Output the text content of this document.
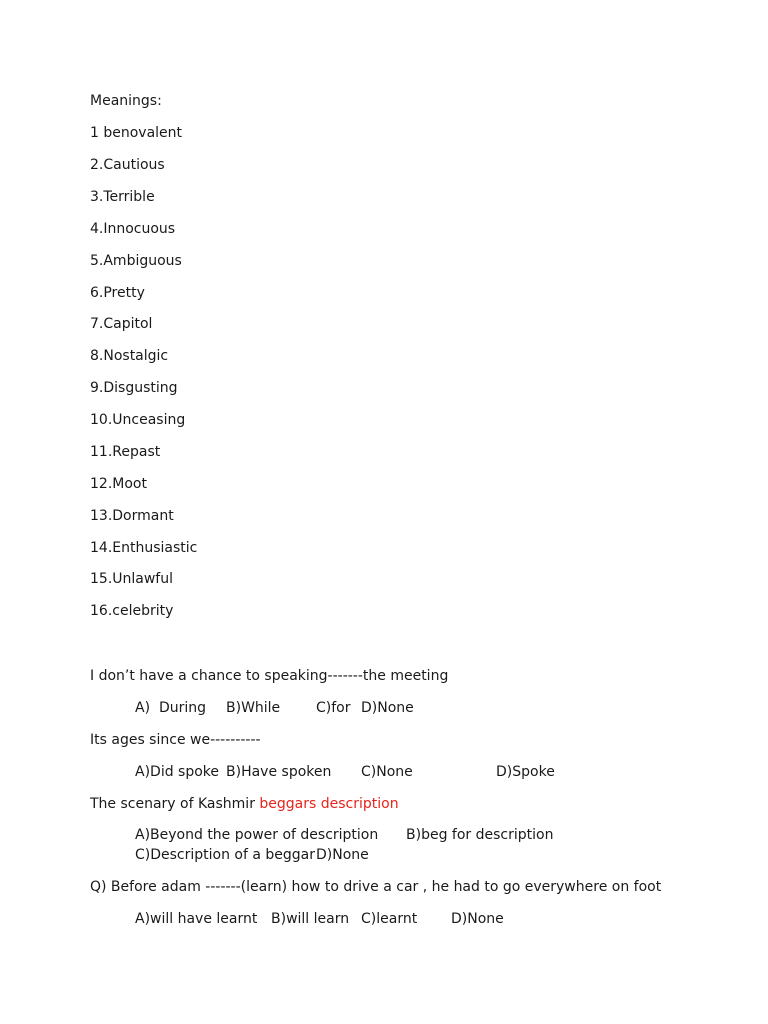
Meanings:
1 benovalent
2.Cautious
3.Terrible
4.Innocuous
5.Ambiguous
6.Pretty
7.Capitol
8.Nostalgic
9.Disgusting
10.Unceasing
11.Repast
12.Moot
13.Dormant
14.Enthusiastic
15.Unlawful
16.celebrity
I don’t have a chance to speaking-------the meeting
A)  During B)While	C)for D)None
Its ages since we----------
A)Did spoke B)Have spoken C)None	D)Spoke
The scenary of Kashmir beggars description
A)Beyond the power of description B)beg for description
C)Description of a beggar D)None
Q) Before adam -------(learn) how to drive a car , he had to go everywhere on foot
A)will have learnt B)will learn C)learnt D)None
